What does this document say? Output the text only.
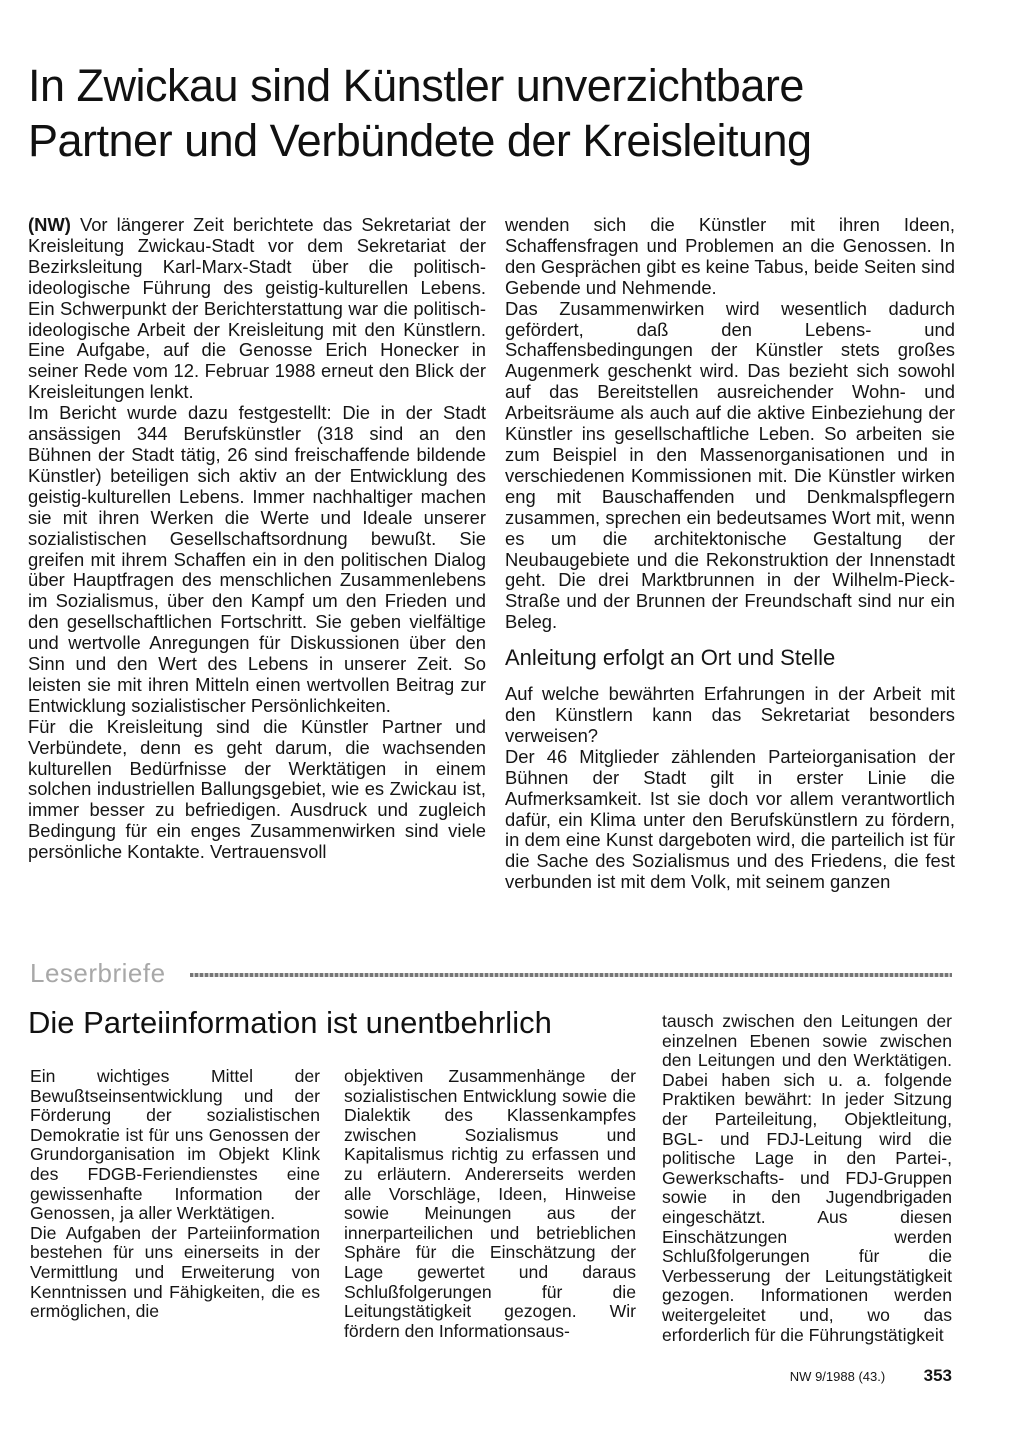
In Zwickau sind Künstler unverzichtbare Partner und Verbündete der Kreisleitung

(NW) Vor längerer Zeit berichtete das Sekretariat der Kreisleitung Zwickau-Stadt vor dem Sekretariat der Bezirksleitung Karl-Marx-Stadt über die politisch-ideologische Führung des geistig-kulturellen Lebens. Ein Schwerpunkt der Berichterstattung war die politisch-ideologische Arbeit der Kreisleitung mit den Künstlern. Eine Aufgabe, auf die Genosse Erich Honecker in seiner Rede vom 12. Februar 1988 erneut den Blick der Kreisleitungen lenkt.

Im Bericht wurde dazu festgestellt: Die in der Stadt ansässigen 344 Berufskünstler (318 sind an den Bühnen der Stadt tätig, 26 sind freischaffende bildende Künstler) beteiligen sich aktiv an der Entwicklung des geistig-kulturellen Lebens. Immer nachhaltiger machen sie mit ihren Werken die Werte und Ideale unserer sozialistischen Gesellschaftsordnung bewußt. Sie greifen mit ihrem Schaffen ein in den politischen Dialog über Hauptfragen des menschlichen Zusammenlebens im Sozialismus, über den Kampf um den Frieden und den gesellschaftlichen Fortschritt. Sie geben vielfältige und wertvolle Anregungen für Diskussionen über den Sinn und den Wert des Lebens in unserer Zeit. So leisten sie mit ihren Mitteln einen wertvollen Beitrag zur Entwicklung sozialistischer Persönlichkeiten.

Für die Kreisleitung sind die Künstler Partner und Verbündete, denn es geht darum, die wachsenden kulturellen Bedürfnisse der Werktätigen in einem solchen industriellen Ballungsgebiet, wie es Zwickau ist, immer besser zu befriedigen. Ausdruck und zugleich Bedingung für ein enges Zusammenwirken sind viele persönliche Kontakte. Vertrauensvoll

wenden sich die Künstler mit ihren Ideen, Schaffensfragen und Problemen an die Genossen. In den Gesprächen gibt es keine Tabus, beide Seiten sind Gebende und Nehmende.

Das Zusammenwirken wird wesentlich dadurch gefördert, daß den Lebens- und Schaffensbedingungen der Künstler stets großes Augenmerk geschenkt wird. Das bezieht sich sowohl auf das Bereitstellen ausreichender Wohn- und Arbeitsräume als auch auf die aktive Einbeziehung der Künstler ins gesellschaftliche Leben. So arbeiten sie zum Beispiel in den Massenorganisationen und in verschiedenen Kommissionen mit. Die Künstler wirken eng mit Bauschaffenden und Denkmalspflegern zusammen, sprechen ein bedeutsames Wort mit, wenn es um die architektonische Gestaltung der Neubaugebiete und die Rekonstruktion der Innenstadt geht. Die drei Marktbrunnen in der Wilhelm-Pieck-Straße und der Brunnen der Freundschaft sind nur ein Beleg.

Anleitung erfolgt an Ort und Stelle

Auf welche bewährten Erfahrungen in der Arbeit mit den Künstlern kann das Sekretariat besonders verweisen?

Der 46 Mitglieder zählenden Parteiorganisation der Bühnen der Stadt gilt in erster Linie die Aufmerksamkeit. Ist sie doch vor allem verantwortlich dafür, ein Klima unter den Berufskünstlern zu fördern, in dem eine Kunst dargeboten wird, die parteilich ist für die Sache des Sozialismus und des Friedens, die fest verbunden ist mit dem Volk, mit seinem ganzen

Leserbriefe
Die Parteiinformation ist unentbehrlich

Ein wichtiges Mittel der Bewußtseinsentwicklung und der Förderung der sozialistischen Demokratie ist für uns Genossen der Grundorganisation im Objekt Klink des FDGB-Feriendienstes eine gewissenhafte Information der Genossen, ja aller Werktätigen.

Die Aufgaben der Parteiinformation bestehen für uns einerseits in der Vermittlung und Erweiterung von Kenntnissen und Fähigkeiten, die es ermöglichen, die

objektiven Zusammenhänge der sozialistischen Entwicklung sowie die Dialektik des Klassenkampfes zwischen Sozialismus und Kapitalismus richtig zu erfassen und zu erläutern. Andererseits werden alle Vorschläge, Ideen, Hinweise sowie Meinungen aus der innerparteilichen und betrieblichen Sphäre für die Einschätzung der Lage gewertet und daraus Schlußfolgerungen für die Leitungstätigkeit gezogen. Wir fördern den Informationsaus-

tausch zwischen den Leitungen der einzelnen Ebenen sowie zwischen den Leitungen und den Werktätigen. Dabei haben sich u. a. folgende Praktiken bewährt: In jeder Sitzung der Parteileitung, Objektleitung, BGL- und FDJ-Leitung wird die politische Lage in den Partei-, Gewerkschafts- und FDJ-Gruppen sowie in den Jugendbrigaden eingeschätzt. Aus diesen Einschätzungen werden Schlußfolgerungen für die Verbesserung der Leitungstätigkeit gezogen. Informationen werden weitergeleitet und, wo das erforderlich für die Führungstätigkeit

NW 9/1988 (43.) 353
